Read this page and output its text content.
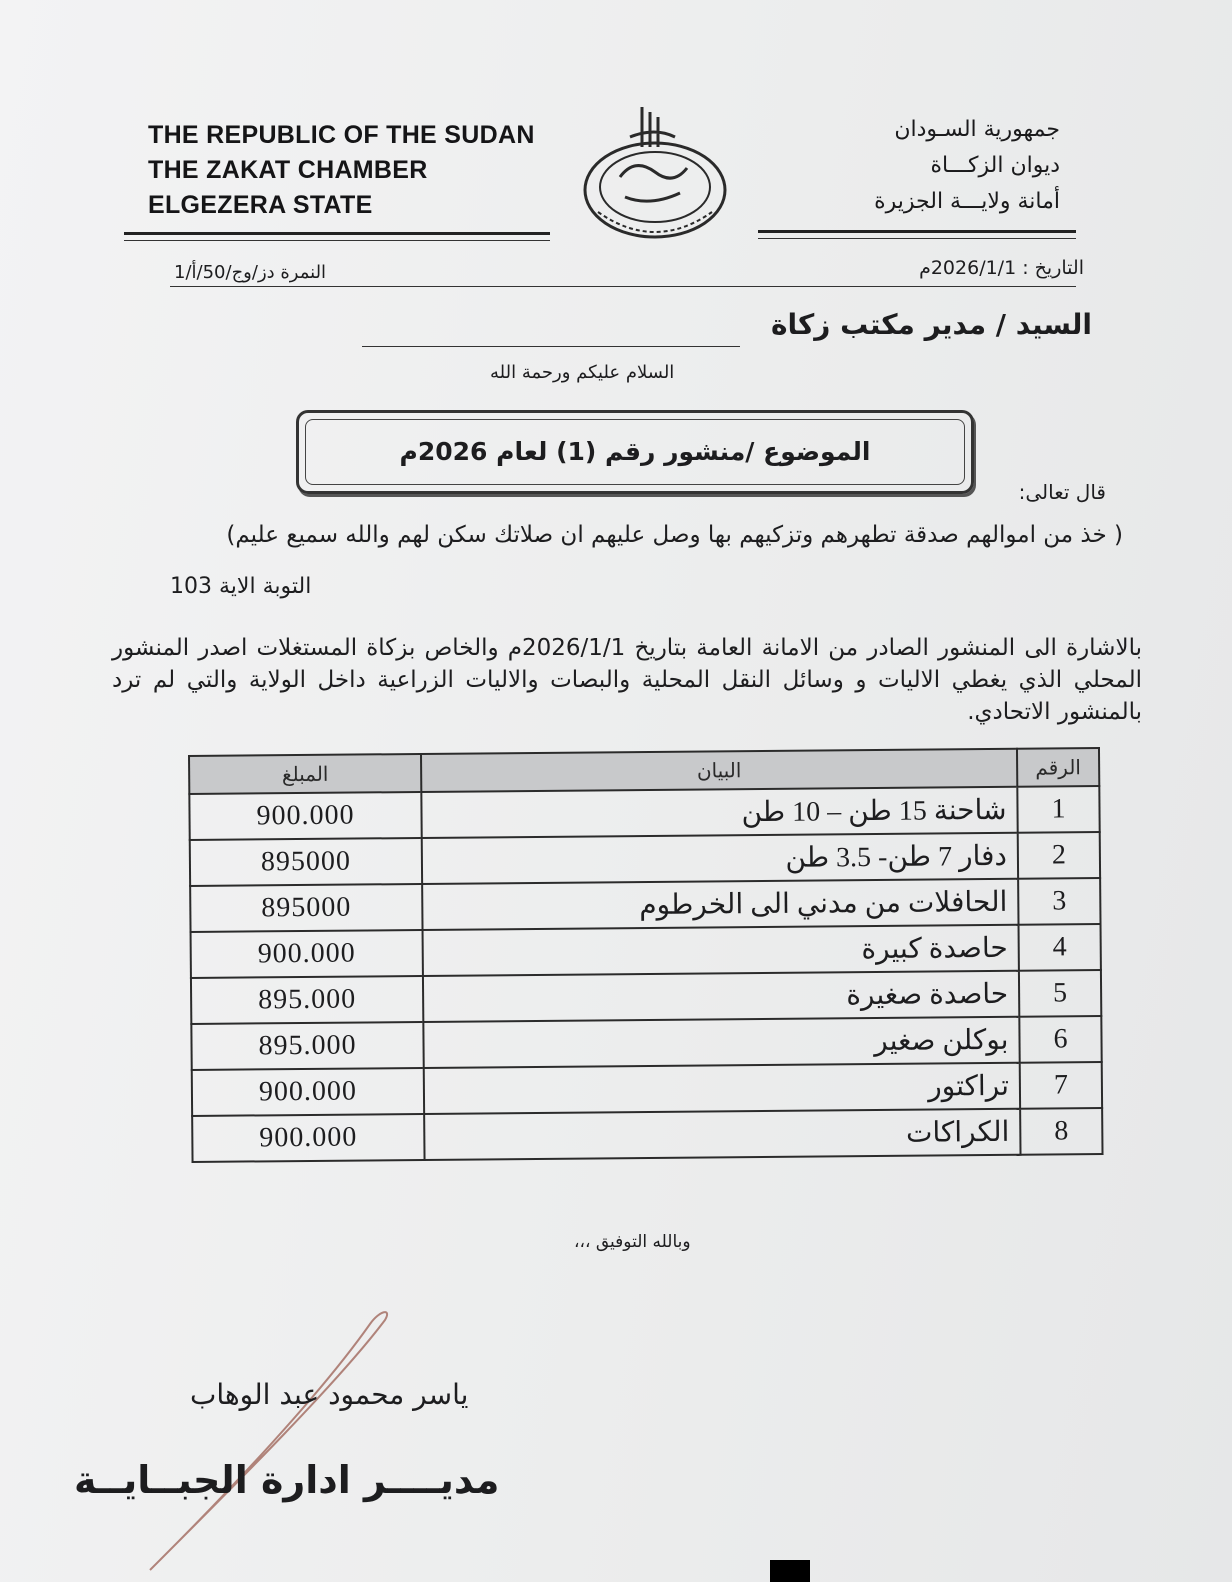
THE REPUBLIC OF THE SUDAN
THE ZAKAT CHAMBER
ELGEZERA STATE
جمهورية السـودان
ديوان الزكـــاة
أمانة ولايـــة الجزيرة
التاريخ : 2026/1/1م
النمرة دز/وج/50/أ/1
السيد / مدير مكتب زكاة
السلام عليكم ورحمة الله
الموضوع /منشور رقم (1) لعام 2026م
قال تعالى:
( خذ من اموالهم صدقة تطهرهم وتزكيهم بها وصل عليهم ان صلاتك سكن لهم والله سميع عليم)
التوبة الاية 103
بالاشارة الى المنشور الصادر من الامانة العامة بتاريخ 2026/1/1م والخاص بزكاة المستغلات اصدر المنشور المحلي الذي يغطي الاليات و وسائل النقل المحلية والبصات والاليات الزراعية داخل الولاية والتي لم ترد بالمنشور الاتحادي.
الرقم	البيان	المبلغ
1	شاحنة 15 طن – 10 طن	900.000
2	دفار 7 طن- 3.5 طن	895000
3	الحافلات من مدني الى الخرطوم	895000
4	حاصدة كبيرة	900.000
5	حاصدة صغيرة	895.000
6	بوكلن صغير	895.000
7	تراكتور	900.000
8	الكراكات	900.000
وبالله التوفيق ،،،
ياسر محمود عبد الوهاب
مديــــر ادارة الجبــايــة
